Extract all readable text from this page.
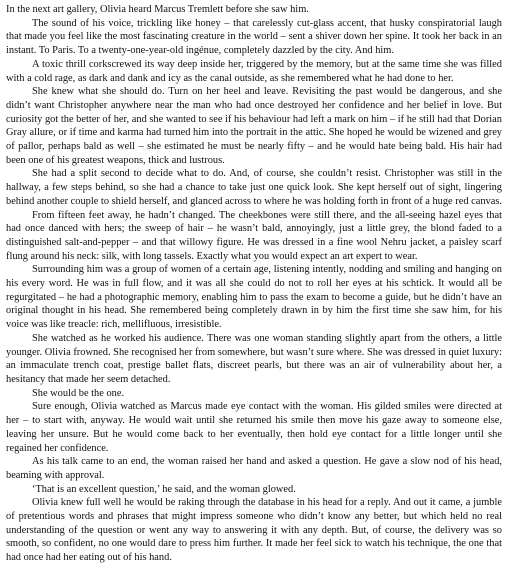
In the next art gallery, Olivia heard Marcus Tremlett before she saw him.

The sound of his voice, trickling like honey – that carelessly cut-glass accent, that husky conspiratorial laugh that made you feel like the most fascinating creature in the world – sent a shiver down her spine. It took her back in an instant. To Paris. To a twenty-one-year-old ingénue, completely dazzled by the city. And him.

A toxic thrill corkscrewed its way deep inside her, triggered by the memory, but at the same time she was filled with a cold rage, as dark and dank and icy as the canal outside, as she remembered what he had done to her.

She knew what she should do. Turn on her heel and leave. Revisiting the past would be dangerous, and she didn’t want Christopher anywhere near the man who had once destroyed her confidence and her belief in love. But curiosity got the better of her, and she wanted to see if his behaviour had left a mark on him – if he still had that Dorian Gray allure, or if time and karma had turned him into the portrait in the attic. She hoped he would be wizened and grey of pallor, perhaps bald as well – she estimated he must be nearly fifty – and he would hate being bald. His hair had been one of his greatest weapons, thick and lustrous.

She had a split second to decide what to do. And, of course, she couldn’t resist. Christopher was still in the hallway, a few steps behind, so she had a chance to take just one quick look. She kept herself out of sight, lingering behind another couple to shield herself, and glanced across to where he was holding forth in front of a huge red canvas.

From fifteen feet away, he hadn’t changed. The cheekbones were still there, and the all-seeing hazel eyes that had once danced with hers; the sweep of hair – he wasn’t bald, annoyingly, just a little grey, the blond faded to a distinguished salt-and-pepper – and that willowy figure. He was dressed in a fine wool Nehru jacket, a paisley scarf flung around his neck: silk, with long tassels. Exactly what you would expect an art expert to wear.

Surrounding him was a group of women of a certain age, listening intently, nodding and smiling and hanging on his every word. He was in full flow, and it was all she could do not to roll her eyes at his schtick. It would all be regurgitated – he had a photographic memory, enabling him to pass the exam to become a guide, but he didn’t have an original thought in his head. She remembered being completely drawn in by him the first time she saw him, for his voice was like treacle: rich, mellifluous, irresistible.

She watched as he worked his audience. There was one woman standing slightly apart from the others, a little younger. Olivia frowned. She recognised her from somewhere, but wasn’t sure where. She was dressed in quiet luxury: an immaculate trench coat, prestige ballet flats, discreet pearls, but there was an air of vulnerability about her, a hesitancy that made her seem detached.

She would be the one.

Sure enough, Olivia watched as Marcus made eye contact with the woman. His gilded smiles were directed at her – to start with, anyway. He would wait until she returned his smile then move his gaze away to someone else, leaving her unsure. But he would come back to her eventually, then hold eye contact for a little longer until she regained her confidence.

As his talk came to an end, the woman raised her hand and asked a question. He gave a slow nod of his head, beaming with approval.

‘That is an excellent question,’ he said, and the woman glowed.

Olivia knew full well he would be raking through the database in his head for a reply. And out it came, a jumble of pretentious words and phrases that might impress someone who didn’t know any better, but which held no real understanding of the question or went any way to answering it with any depth. But, of course, the delivery was so smooth, so confident, no one would dare to press him further. It made her feel sick to watch his technique, the one that had once had her eating out of his hand.
